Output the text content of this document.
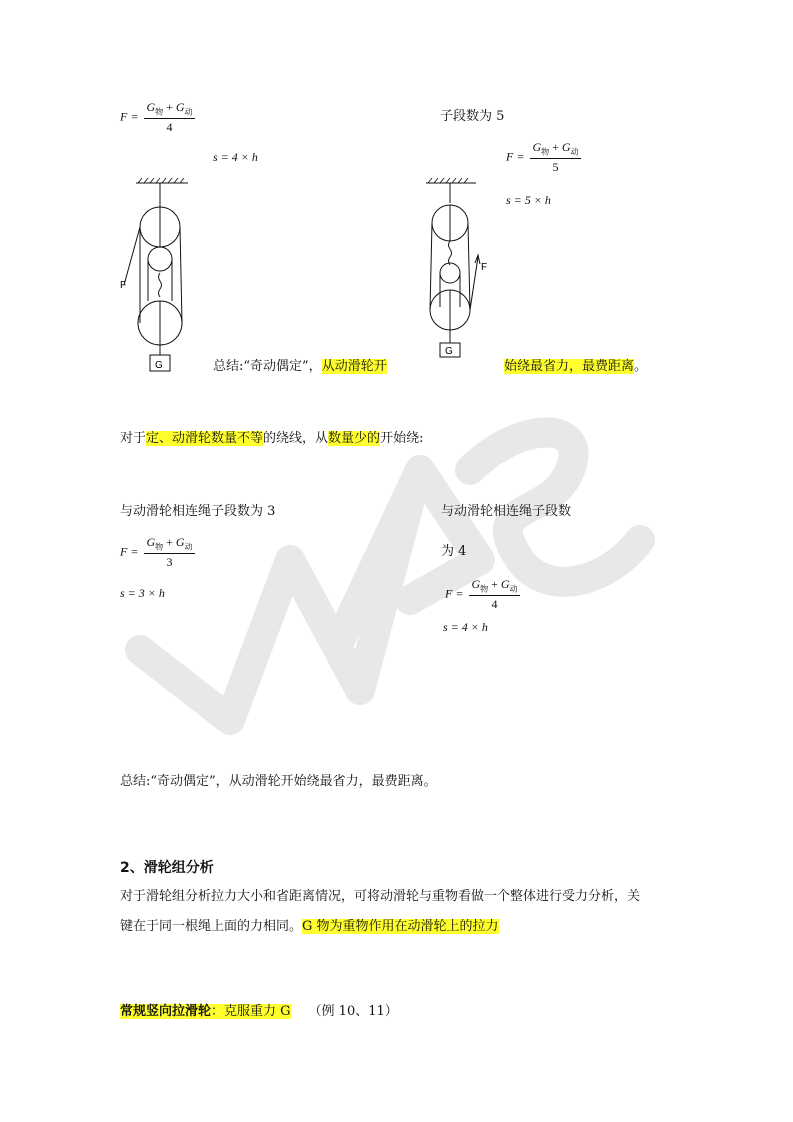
$F = \frac{G_物 + G_动}{4}$
s = 4 × h
子段数为 5
$F = \frac{G_物 + G_动}{5}$
s = 5 × h
F
G
F
G
总结:“奇动偶定”，从动滑轮开	始绕最省力，最费距离。
对于定、动滑轮数量不等的绕线，从数量少的开始绕:
与动滑轮相连绳子段数为 3
$F = \frac{G_物 + G_动}{3}$
s = 3 × h
与动滑轮相连绳子段数
为 4
$F = \frac{G_物 + G_动}{4}$
s = 4 × h
总结:“奇动偶定”，从动滑轮开始绕最省力，最费距离。
2、滑轮组分析
对于滑轮组分析拉力大小和省距离情况，可将动滑轮与重物看做一个整体进行受力分析，关
键在于同一根绳上面的力相同。G 物为重物作用在动滑轮上的拉力
常规竖向拉滑轮：克服重力 G （例 10、11）
